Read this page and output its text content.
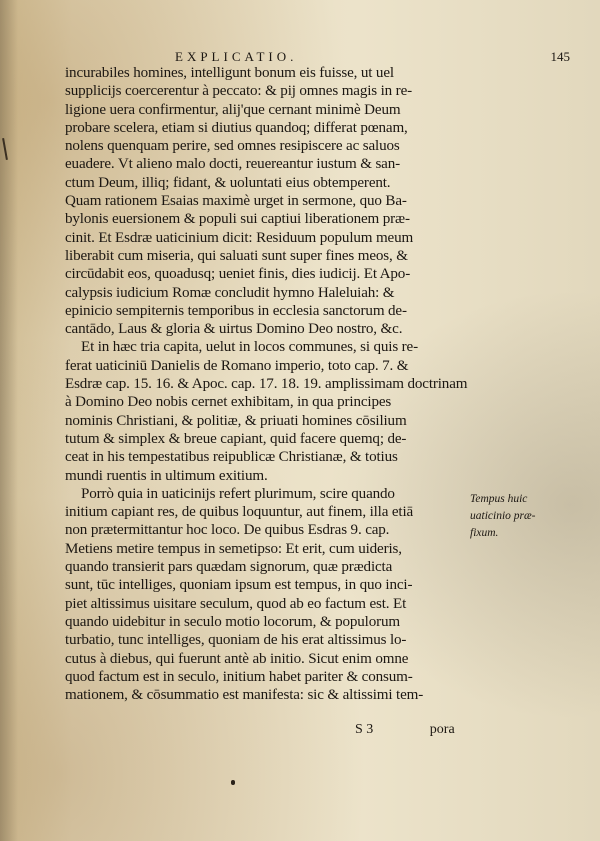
EXPLICATIO.	145
incurabiles homines, intelligunt bonum eis fuisse, ut uel
supplicijs coercerentur à peccato: & pij omnes magis in re-
ligione uera confirmentur, alij'que cernant minimè Deum
probare scelera, etiam si diutius quandoq; differat pœnam,
nolens quenquam perire, sed omnes resipiscere ac saluos
euadere. Vt alieno malo docti, reuereantur iustum & san-
ctum Deum, illiq; fidant, & uoluntati eius obtemperent.
Quam rationem Esaias maximè urget in sermone, quo Ba-
bylonis euersionem & populi sui captiui liberationem præ-
cinit. Et Esdræ uaticinium dicit: Residuum populum meum
liberabit cum miseria, qui saluati sunt super fines meos, &
circūdabit eos, quoadusq; ueniet finis, dies iudicij. Et Apo-
calypsis iudicium Romæ concludit hymno Haleluiah: &
epinicio sempiternis temporibus in ecclesia sanctorum de-
cantādo, Laus & gloria & uirtus Domino Deo nostro, &c.
Et in hæc tria capita, uelut in locos communes, si quis re-
ferat uaticiniū Danielis de Romano imperio, toto cap. 7. &
Esdræ cap. 15. 16. & Apoc. cap. 17. 18. 19. amplissimam doctrinam
à Domino Deo nobis cernet exhibitam, in qua principes
nominis Christiani, & politiæ, & priuati homines cōsilium
tutum & simplex & breue capiant, quid facere quemq; de-
ceat in his tempestatibus reipublicæ Christianæ, & totius
mundi ruentis in ultimum exitium.
Porrò quia in uaticinijs refert plurimum, scire quando
initium capiant res, de quibus loquuntur, aut finem, illa etiā
non prætermittantur hoc loco. De quibus Esdras 9. cap.
Metiens metire tempus in semetipso: Et erit, cum uideris,
quando transierit pars quædam signorum, quæ prædicta
sunt, tūc intelliges, quoniam ipsum est tempus, in quo inci-
piet altissimus uisitare seculum, quod ab eo factum est. Et
quando uidebitur in seculo motio locorum, & populorum
turbatio, tunc intelliges, quoniam de his erat altissimus lo-
cutus à diebus, qui fuerunt antè ab initio. Sicut enim omne
quod factum est in seculo, initium habet pariter & consum-
mationem, & cōsummatio est manifesta: sic & altissimi tem-
Tempus huic
uaticinio præ-
fixum.
S 3	pora
